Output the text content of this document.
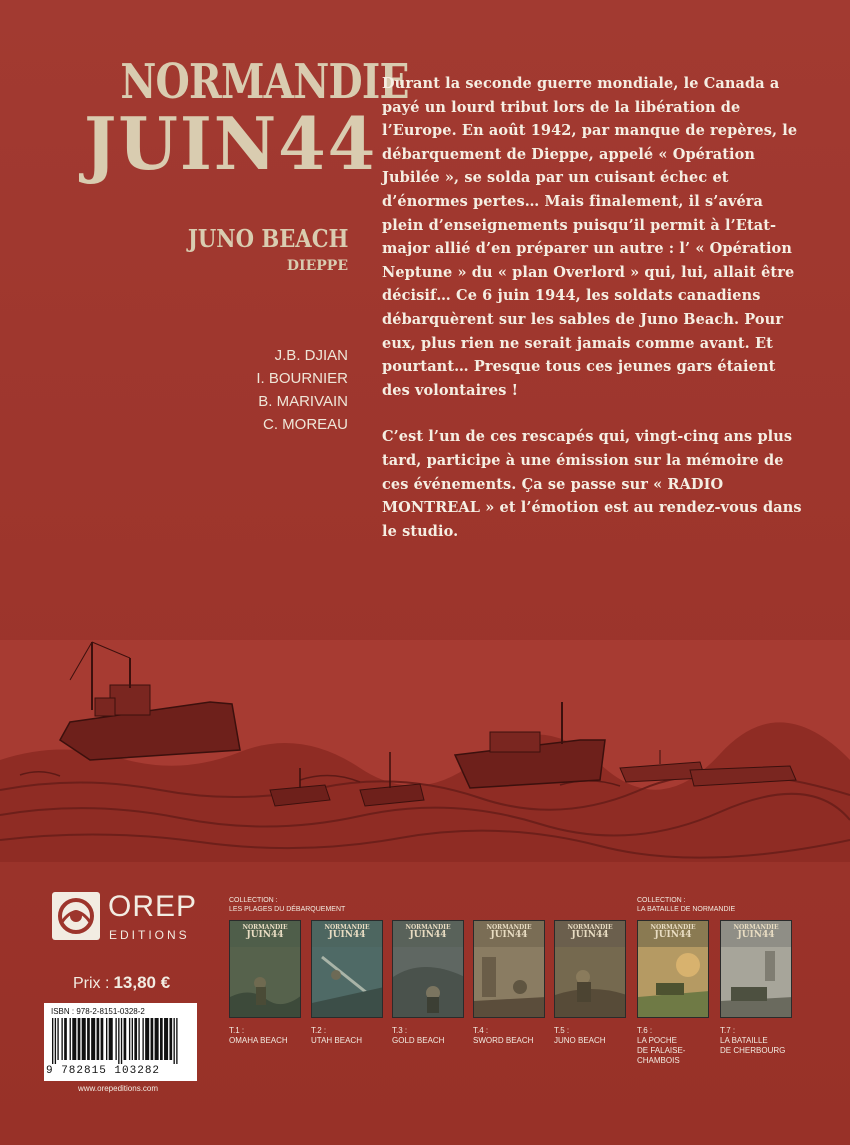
NORMANDIE
JUIN44
JUNO BEACH
DIEPPE
J.B. DJIAN
I. BOURNIER
B. MARIVAIN
C. MOREAU

Durant la seconde guerre mondiale, le Canada a payé un lourd tribut lors de la libération de l’Europe. En août 1942, par manque de repères, le débarquement de Dieppe, appelé « Opération Jubilée », se solda par un cuisant échec et d’énormes pertes… Mais finalement, il s’avéra plein d’enseignements puisqu’il permit à l’Etat-major allié d’en préparer un autre : l’ « Opération Neptune » du « plan Overlord » qui, lui, allait être décisif… Ce 6 juin 1944, les soldats canadiens débarquèrent sur les sables de Juno Beach. Pour eux, plus rien ne serait jamais comme avant. Et pourtant… Presque tous ces jeunes gars étaient des volontaires !

C’est l’un de ces rescapés qui, vingt-cinq ans plus tard, participe à une émission sur la mémoire de ces événements. Ça se passe sur « RADIO MONTREAL » et l’émotion est au rendez-vous dans le studio.

OREP
EDITIONS
Prix : 13,80 €
ISBN : 978-2-8151-0328-2
9 782815 103282
www.orepeditions.com
COLLECTION :
LES PLAGES DU DÉBARQUEMENT
COLLECTION :
LA BATAILLE DE NORMANDIE
NORMANDIE
JUIN44
T.1 :
OMAHA BEACH
NORMANDIE
JUIN44
T.2 :
UTAH BEACH
NORMANDIE
JUIN44
T.3 :
GOLD BEACH
NORMANDIE
JUIN44
T.4 :
SWORD BEACH
NORMANDIE
JUIN44
T.5 :
JUNO BEACH
NORMANDIE
JUIN44
T.6 :
LA POCHE
DE FALAISE-
CHAMBOIS
NORMANDIE
JUIN44
T.7 :
LA BATAILLE
DE CHERBOURG
